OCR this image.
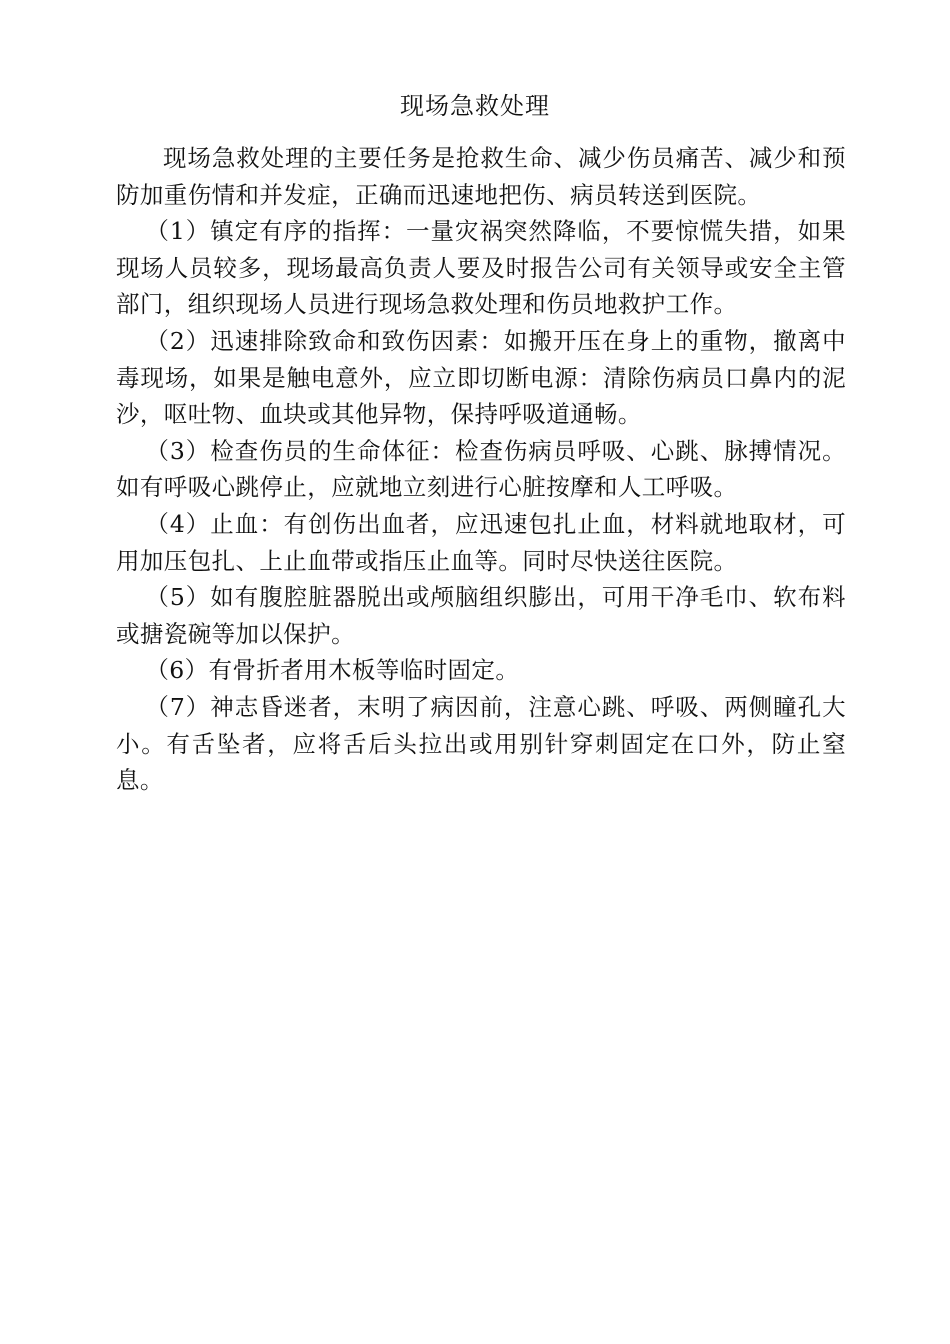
现场急救处理

现场急救处理的主要任务是抢救生命、减少伤员痛苦、减少和预防加重伤情和并发症，正确而迅速地把伤、病员转送到医院。

（1）镇定有序的指挥：一量灾祸突然降临，不要惊慌失措，如果现场人员较多，现场最高负责人要及时报告公司有关领导或安全主管部门，组织现场人员进行现场急救处理和伤员地救护工作。

（2）迅速排除致命和致伤因素：如搬开压在身上的重物，撤离中毒现场，如果是触电意外，应立即切断电源：清除伤病员口鼻内的泥沙，呕吐物、血块或其他异物，保持呼吸道通畅。

（3）检查伤员的生命体征：检查伤病员呼吸、心跳、脉搏情况。如有呼吸心跳停止，应就地立刻进行心脏按摩和人工呼吸。

（4）止血：有创伤出血者，应迅速包扎止血，材料就地取材，可用加压包扎、上止血带或指压止血等。同时尽快送往医院。

（5）如有腹腔脏器脱出或颅脑组织膨出，可用干净毛巾、软布料或搪瓷碗等加以保护。

（6）有骨折者用木板等临时固定。

（7）神志昏迷者，末明了病因前，注意心跳、呼吸、两侧瞳孔大小。有舌坠者，应将舌后头拉出或用别针穿刺固定在口外，防止窒息。
